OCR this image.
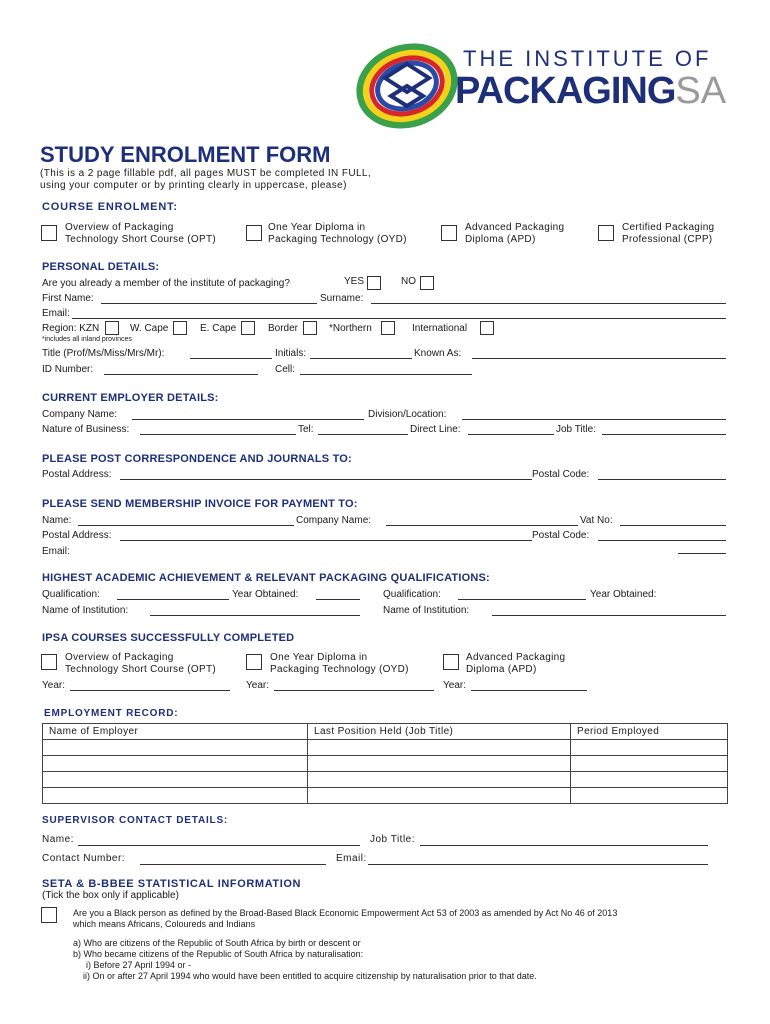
THE INSTITUTE OF
PACKAGINGSA
STUDY ENROLMENT FORM
(This is a 2 page fillable pdf, all pages MUST be completed IN FULL,
using your computer or by printing clearly in uppercase, please)
COURSE ENROLMENT:
Overview of Packaging
Technology Short Course (OPT)
One Year Diploma in
Packaging Technology (OYD)
Advanced Packaging
Diploma (APD)
Certified Packaging
Professional (CPP)
PERSONAL DETAILS:
Are you already a member of the institute of packaging?	YES	NO
First Name:	Surname:
Email:
Region: KZN	W. Cape	E. Cape	Border	*Northern	International
*includes all inland provinces
Title (Prof/Ms/Miss/Mrs/Mr):	Initials:	Known As:
ID Number:	Cell:
CURRENT EMPLOYER DETAILS:
Company Name:	Division/Location:
Nature of Business:	Tel:	Direct Line:	Job Title:
PLEASE POST CORRESPONDENCE AND JOURNALS TO:
Postal Address:	Postal Code:
PLEASE SEND MEMBERSHIP INVOICE FOR PAYMENT TO:
Name:	Company Name:	Vat No:
Postal Address:	Postal Code:
Email:
HIGHEST ACADEMIC ACHIEVEMENT & RELEVANT PACKAGING QUALIFICATIONS:
Qualification:	Year Obtained:	Qualification:	Year Obtained:
Name of Institution:	Name of Institution:
IPSA COURSES SUCCESSFULLY COMPLETED
Overview of Packaging
Technology Short Course (OPT)
One Year Diploma in
Packaging Technology (OYD)
Advanced Packaging
Diploma (APD)
Year:	Year:	Year:
EMPLOYMENT RECORD:
Name of Employer	Last Position Held (Job Title)	Period Employed

SUPERVISOR CONTACT DETAILS:
Name:	Job Title:
Contact Number:	Email:
SETA & B-BBEE STATISTICAL INFORMATION
(Tick the box only if applicable)
Are you a Black person as defined by the Broad-Based Black Economic Empowerment Act 53 of 2003 as amended by Act No 46 of 2013
which means Africans, Coloureds and Indians
a) Who are citizens of the Republic of South Africa by birth or descent or
b) Who became citizens of the Republic of South Africa by naturalisation:
i) Before 27 April 1994 or -
ii) On or after 27 April 1994 who would have been entitled to acquire citizenship by naturalisation prior to that date.
